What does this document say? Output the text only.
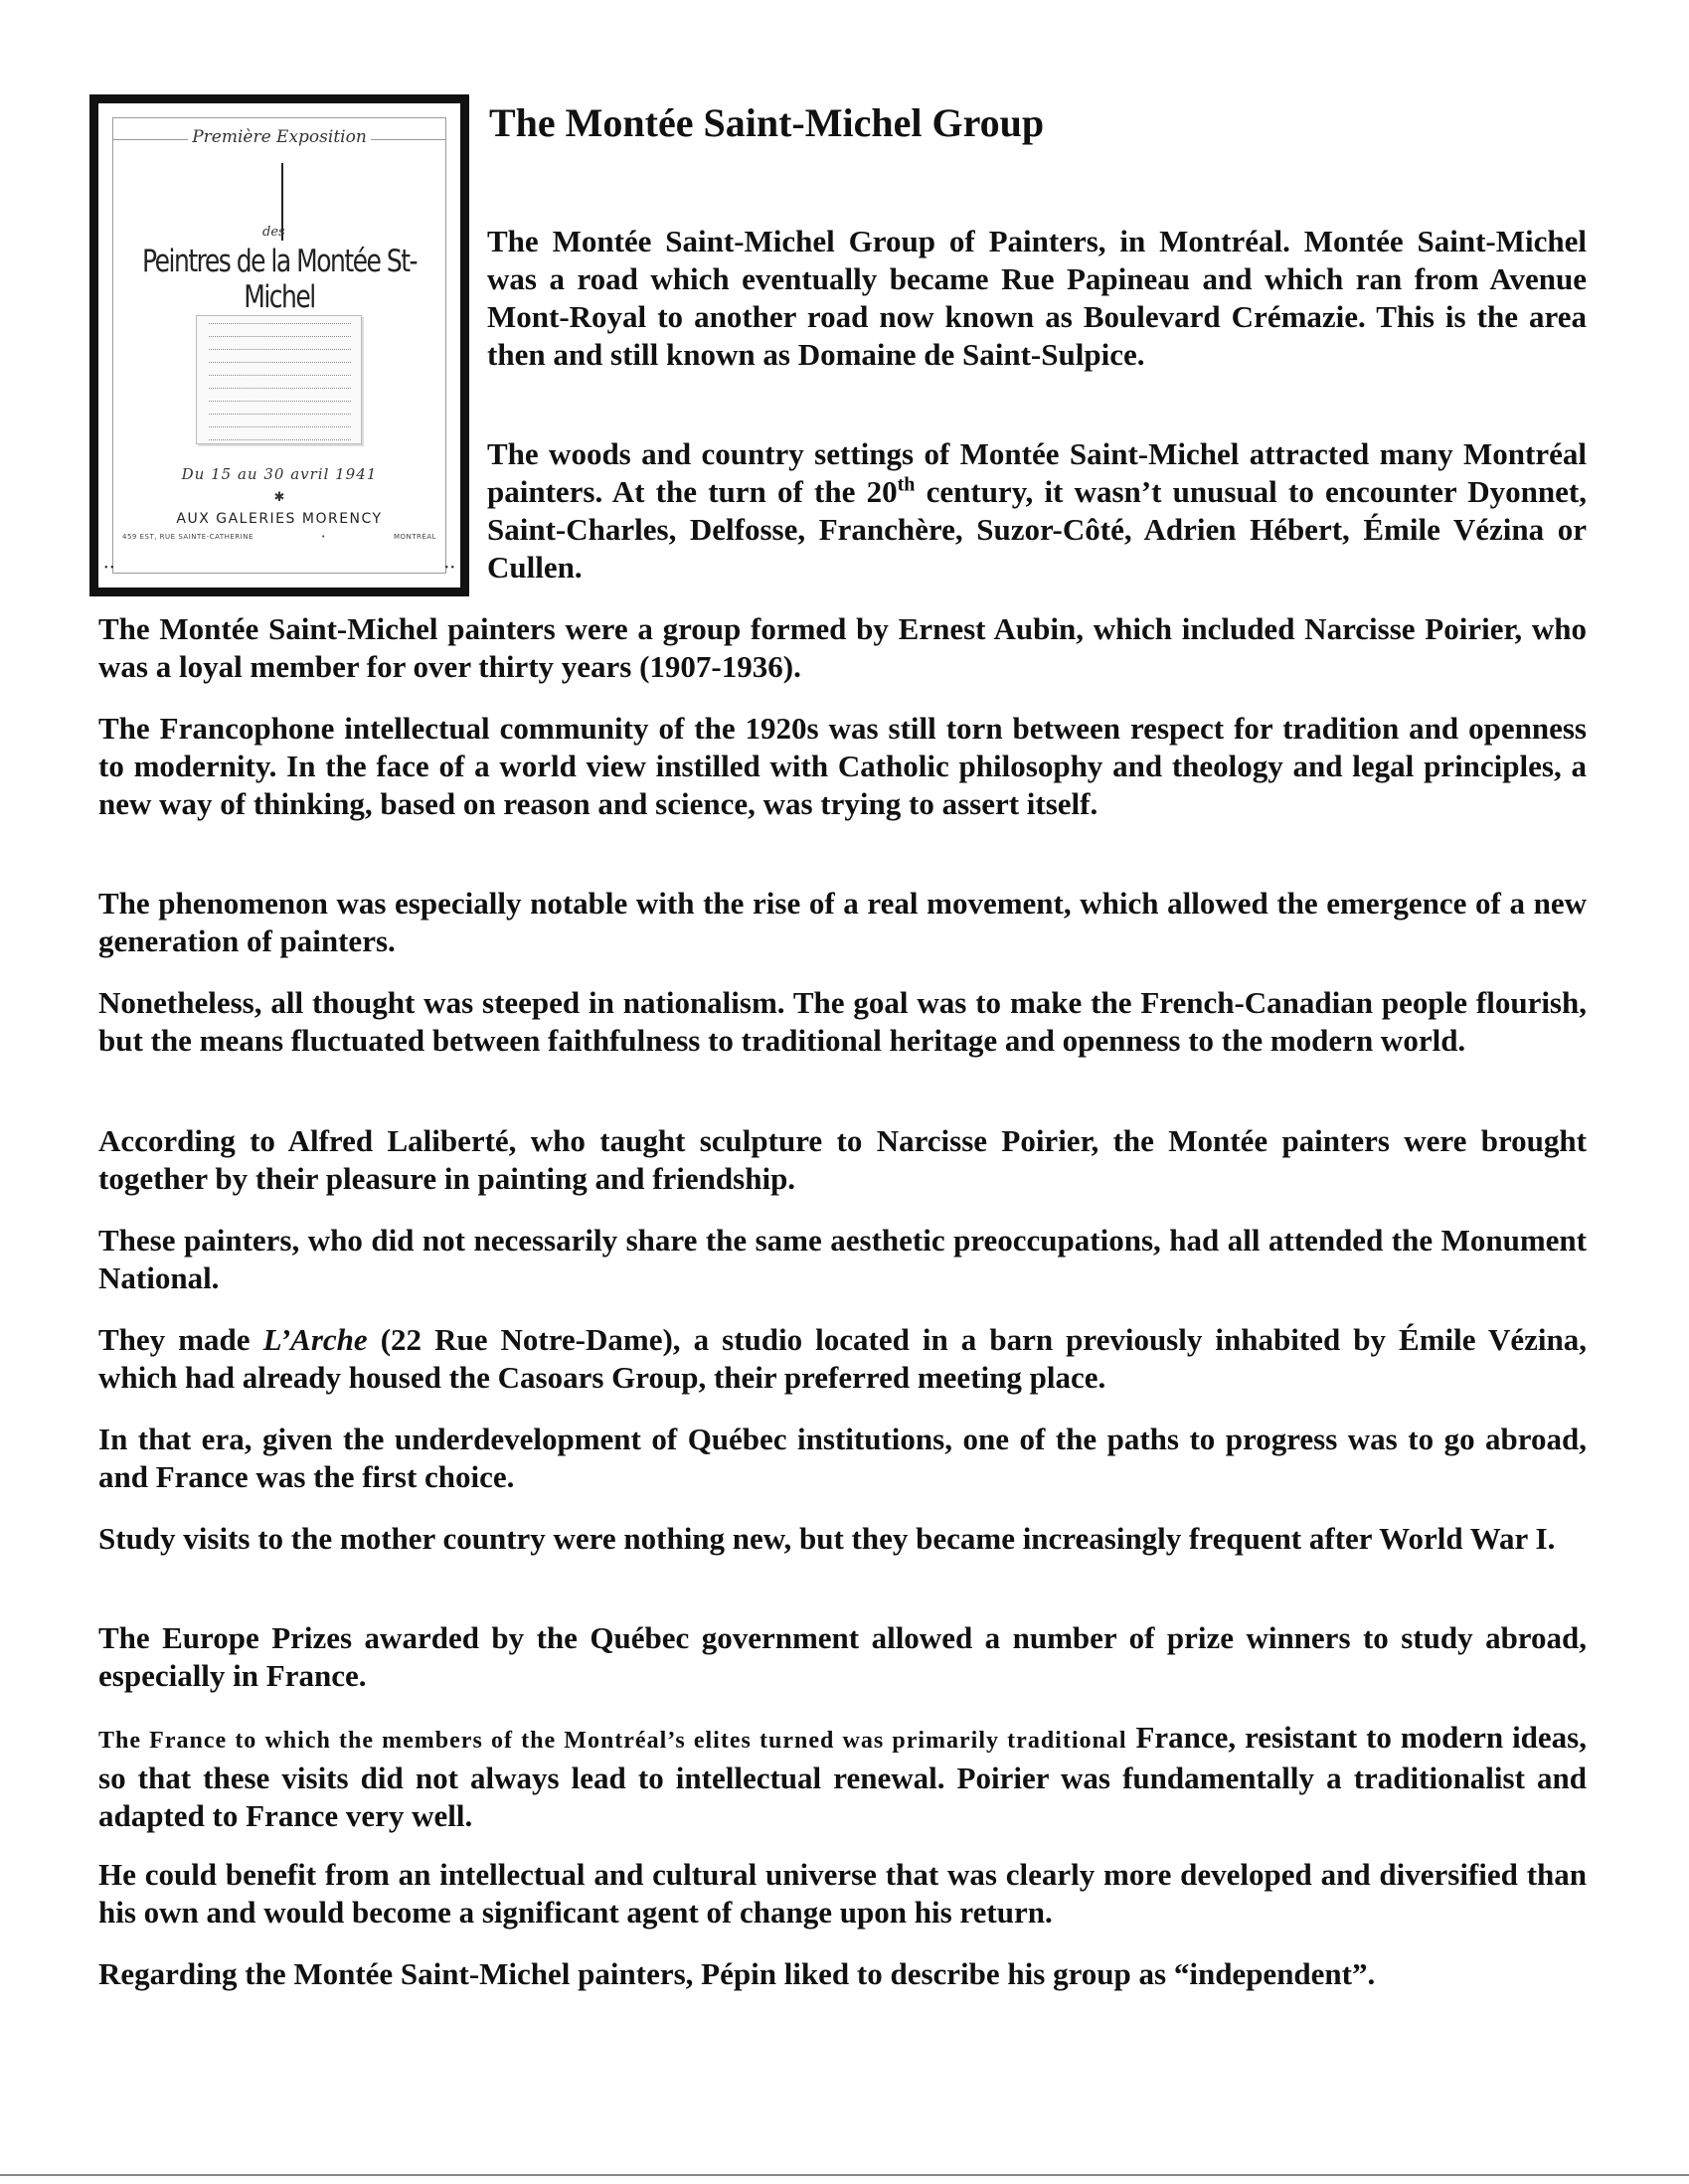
Première Exposition
des
Peintres de la Montée St-Michel
Du 15 au 30 avril 1941
✱
AUX GALERIES MORENCY
459 EST, RUE SAINTE-CATHERINE	•	MONTRÉAL
• •	• •
The Montée Saint-Michel Group

The Montée Saint-Michel Group of Painters, in Montréal. Montée Saint-Michel was a road which eventually became Rue Papineau and which ran from Avenue Mont-Royal to another road now known as Boulevard Crémazie. This is the area then and still known as Domaine de Saint-Sulpice.

The woods and country settings of Montée Saint-Michel attracted many Montréal painters. At the turn of the 20th century, it wasn’t unusual to encounter Dyonnet, Saint-Charles, Delfosse, Franchère, Suzor-Côté, Adrien Hébert, Émile Vézina or Cullen.

The Montée Saint-Michel painters were a group formed by Ernest Aubin, which included Narcisse Poirier, who was a loyal member for over thirty years (1907-1936).

The Francophone intellectual community of the 1920s was still torn between respect for tradition and openness to modernity. In the face of a world view instilled with Catholic philosophy and theology and legal principles, a new way of thinking, based on reason and science, was trying to assert itself.

The phenomenon was especially notable with the rise of a real movement, which allowed the emergence of a new generation of painters.

Nonetheless, all thought was steeped in nationalism. The goal was to make the French-Canadian people flourish, but the means fluctuated between faithfulness to traditional heritage and openness to the modern world.

According to Alfred Laliberté, who taught sculpture to Narcisse Poirier, the Montée painters were brought together by their pleasure in painting and friendship.

These painters, who did not necessarily share the same aesthetic preoccupations, had all attended the Monument National.

They made L’Arche (22 Rue Notre-Dame), a studio located in a barn previously inhabited by Émile Vézina, which had already housed the Casoars Group, their preferred meeting place.

In that era, given the underdevelopment of Québec institutions, one of the paths to progress was to go abroad, and France was the first choice.

Study visits to the mother country were nothing new, but they became increasingly frequent after World War I.

The Europe Prizes awarded by the Québec government allowed a number of prize winners to study abroad, especially in France.

The France to which the members of the Montréal’s elites turned was primarily traditional France, resistant to modern ideas, so that these visits did not always lead to intellectual renewal. Poirier was fundamentally a traditionalist and adapted to France very well.

He could benefit from an intellectual and cultural universe that was clearly more developed and diversified than his own and would become a significant agent of change upon his return.

Regarding the Montée Saint-Michel painters, Pépin liked to describe his group as “independent”.
